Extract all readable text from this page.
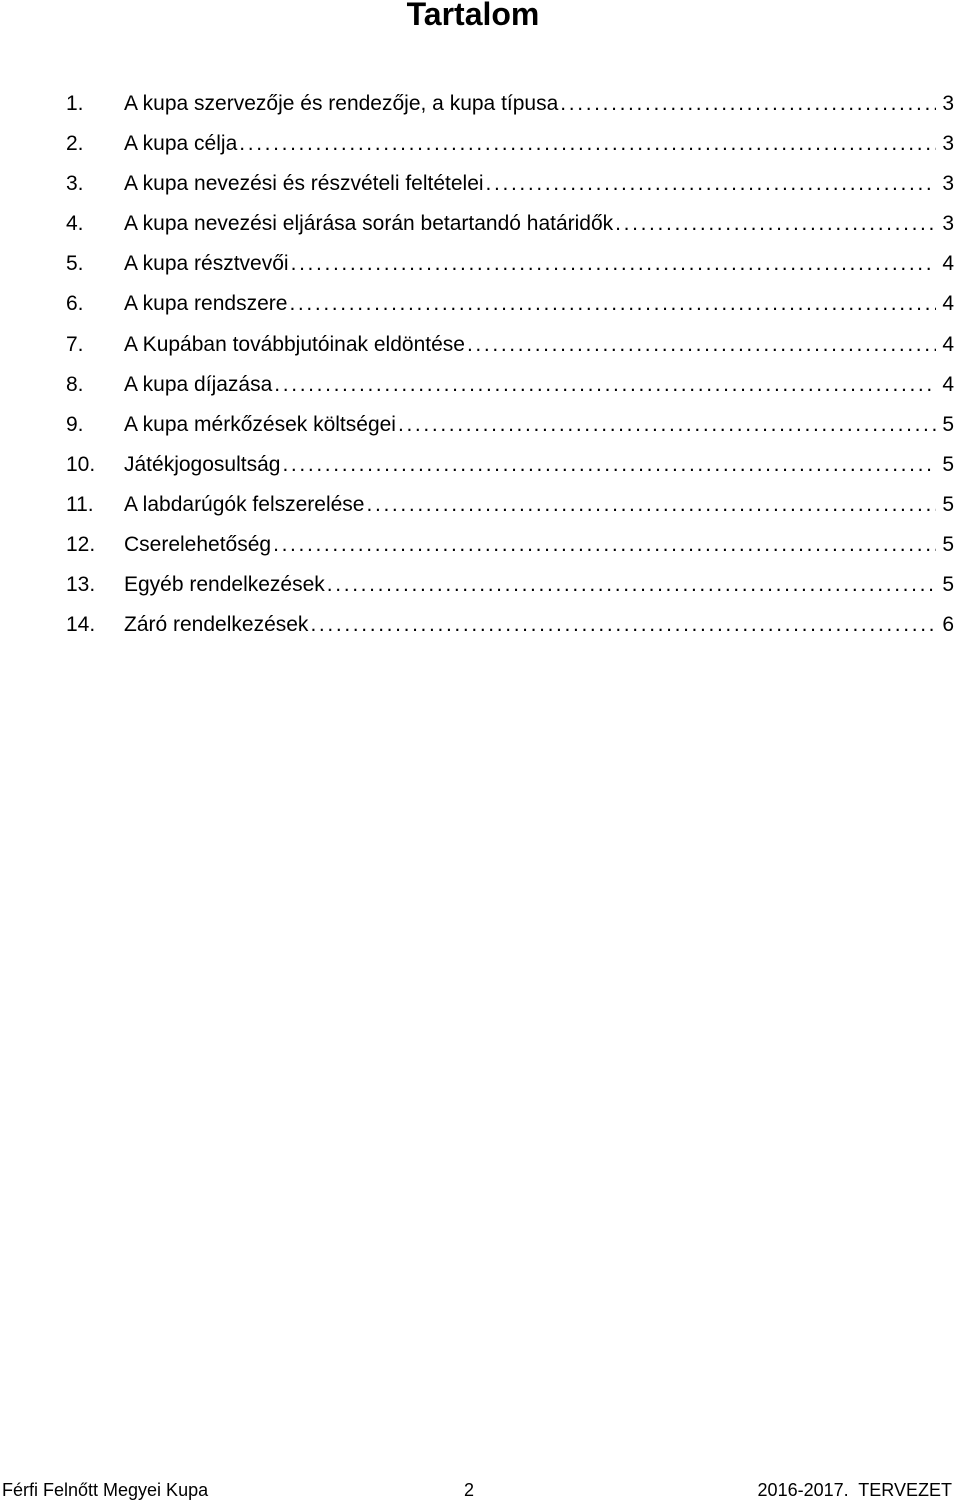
Tartalom
1.	A kupa szervezője és rendezője, a kupa típusa . . .	3
2.	A kupa célja . . .	3
3.	A kupa nevezési és részvételi feltételei . . .	3
4.	A kupa nevezési eljárása során betartandó határidők . . .	3
5.	A kupa résztvevői . . .	4
6.	A kupa rendszere . . .	4
7.	A Kupában továbbjutóinak eldöntése . . .	4
8.	A kupa díjazása . . .	4
9.	A kupa mérkőzések költségei . . .	5
10.	Játékjogosultság . . .	5
11.	A labdarúgók felszerelése . . .	5
12.	Cserelehetőség . . .	5
13.	Egyéb rendelkezések . . .	5
14.	Záró rendelkezések . . .	6
Férfi Felnőtt Megyei Kupa	2	2016-2017.  TERVEZET
